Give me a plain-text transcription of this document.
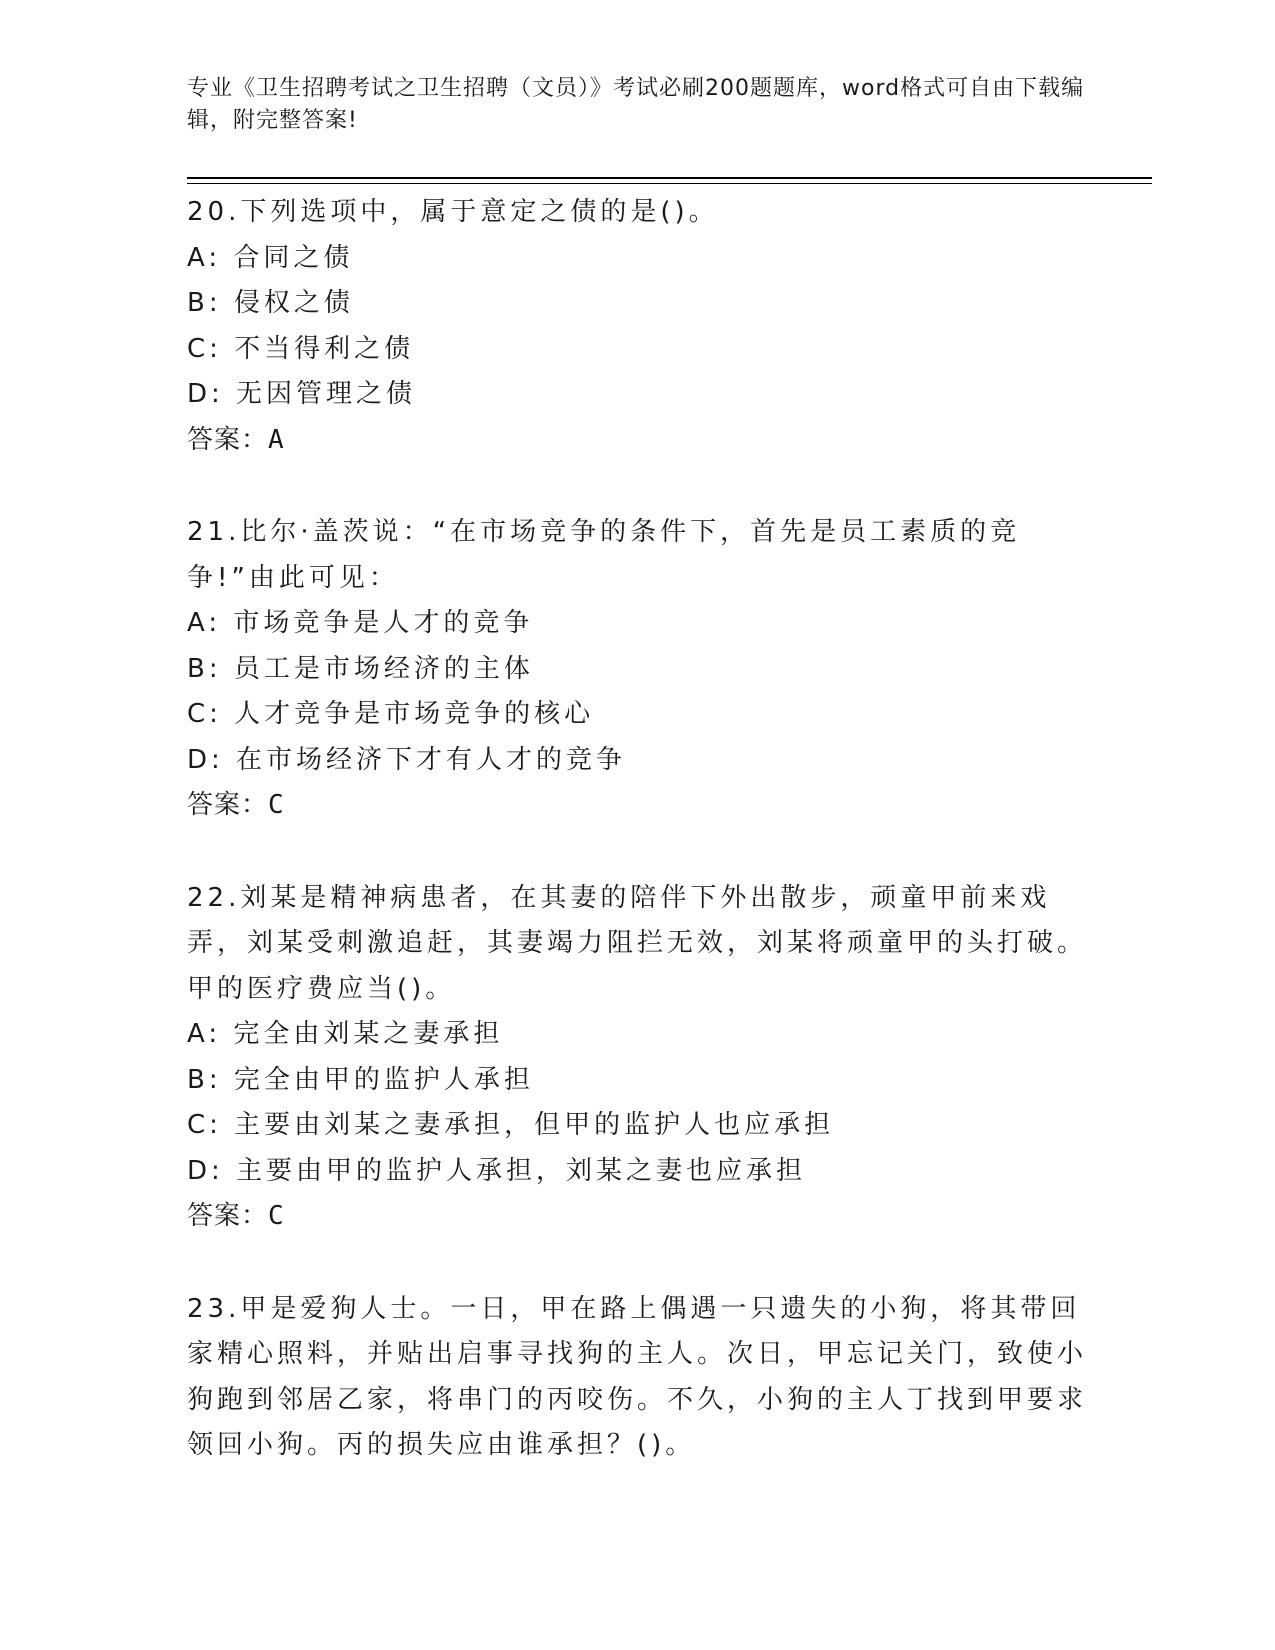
专业《卫生招聘考试之卫生招聘（文员）》考试必刷200题题库，word格式可自由下载编辑，附完整答案!
20.下列选项中，属于意定之债的是()。
A: 合同之债
B: 侵权之债
C: 不当得利之债
D: 无因管理之债
答案：A
21.比尔·盖茨说：“在市场竞争的条件下，首先是员工素质的竞争!”由此可见：
A: 市场竞争是人才的竞争
B: 员工是市场经济的主体
C: 人才竞争是市场竞争的核心
D: 在市场经济下才有人才的竞争
答案：C
22.刘某是精神病患者，在其妻的陪伴下外出散步，顽童甲前来戏弄，刘某受刺激追赶，其妻竭力阻拦无效，刘某将顽童甲的头打破。甲的医疗费应当()。
A: 完全由刘某之妻承担
B: 完全由甲的监护人承担
C: 主要由刘某之妻承担，但甲的监护人也应承担
D: 主要由甲的监护人承担，刘某之妻也应承担
答案：C
23.甲是爱狗人士。一日，甲在路上偶遇一只遗失的小狗，将其带回家精心照料，并贴出启事寻找狗的主人。次日，甲忘记关门，致使小狗跑到邻居乙家，将串门的丙咬伤。不久，小狗的主人丁找到甲要求领回小狗。丙的损失应由谁承担？()。
